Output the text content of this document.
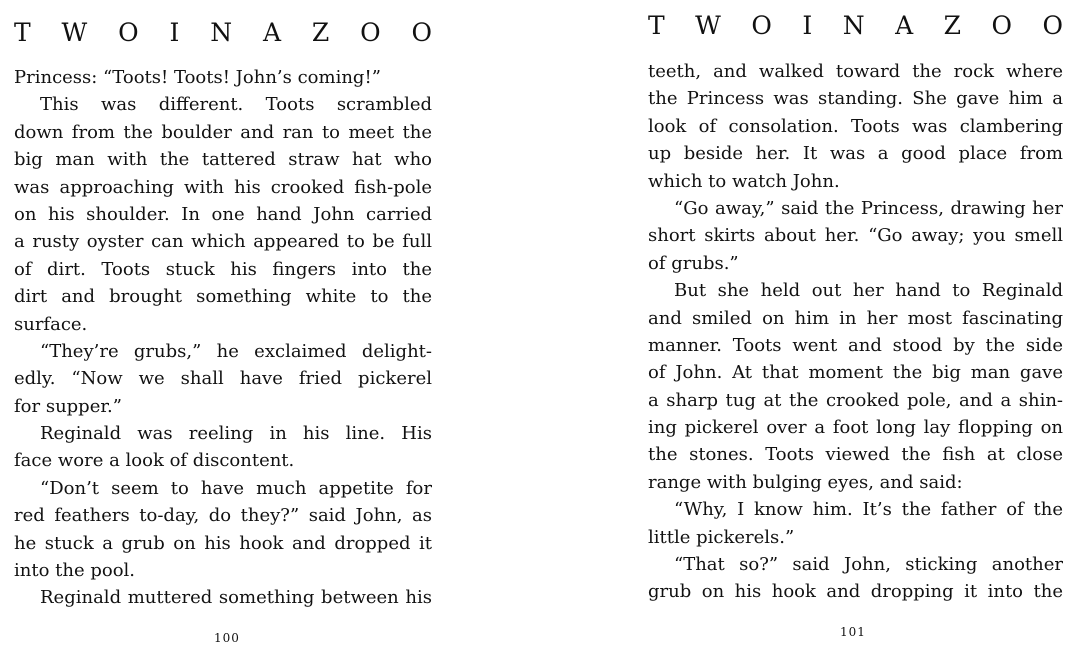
T W O I N A Z O O
Princess: “Toots! Toots! John’s coming!”
This was different. Toots scrambled
down from the boulder and ran to meet the
big man with the tattered straw hat who
was approaching with his crooked fish-pole
on his shoulder. In one hand John carried
a rusty oyster can which appeared to be full
of dirt. Toots stuck his fingers into the
dirt and brought something white to the
surface.
“They’re grubs,” he exclaimed delight-
edly. “Now we shall have fried pickerel
for supper.”
Reginald was reeling in his line. His
face wore a look of discontent.
“Don’t seem to have much appetite for
red feathers to-day, do they?” said John, as
he stuck a grub on his hook and dropped it
into the pool.
Reginald muttered something between his
100
T W O I N A Z O O
teeth, and walked toward the rock where
the Princess was standing. She gave him a
look of consolation. Toots was clambering
up beside her. It was a good place from
which to watch John.
“Go away,” said the Princess, drawing her
short skirts about her. “Go away; you smell
of grubs.”
But she held out her hand to Reginald
and smiled on him in her most fascinating
manner. Toots went and stood by the side
of John. At that moment the big man gave
a sharp tug at the crooked pole, and a shin-
ing pickerel over a foot long lay flopping on
the stones. Toots viewed the fish at close
range with bulging eyes, and said:
“Why, I know him. It’s the father of the
little pickerels.”
“That so?” said John, sticking another
grub on his hook and dropping it into the
101
